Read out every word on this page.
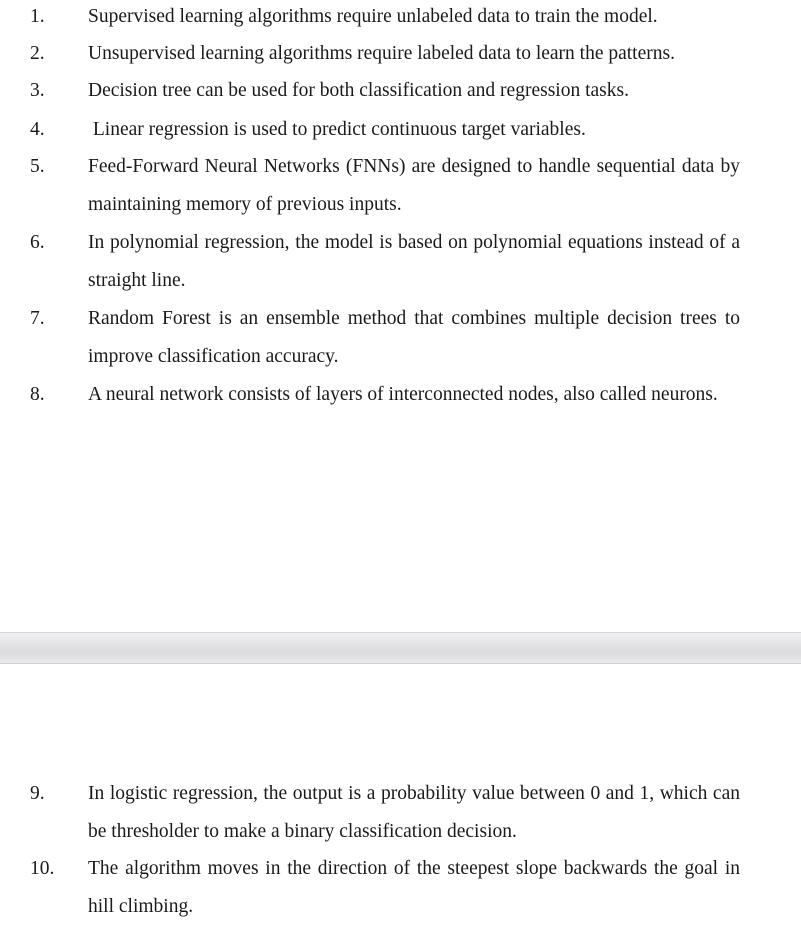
1. Supervised learning algorithms require unlabeled data to train the model.
2. Unsupervised learning algorithms require labeled data to learn the patterns.
3. Decision tree can be used for both classification and regression tasks.
4. Linear regression is used to predict continuous target variables.
5. Feed-Forward Neural Networks (FNNs) are designed to handle sequential data by maintaining memory of previous inputs.
6. In polynomial regression, the model is based on polynomial equations instead of a straight line.
7. Random Forest is an ensemble method that combines multiple decision trees to improve classification accuracy.
8. A neural network consists of layers of interconnected nodes, also called neurons.
9. In logistic regression, the output is a probability value between 0 and 1, which can be thresholder to make a binary classification decision.
10. The algorithm moves in the direction of the steepest slope backwards the goal in hill climbing.
